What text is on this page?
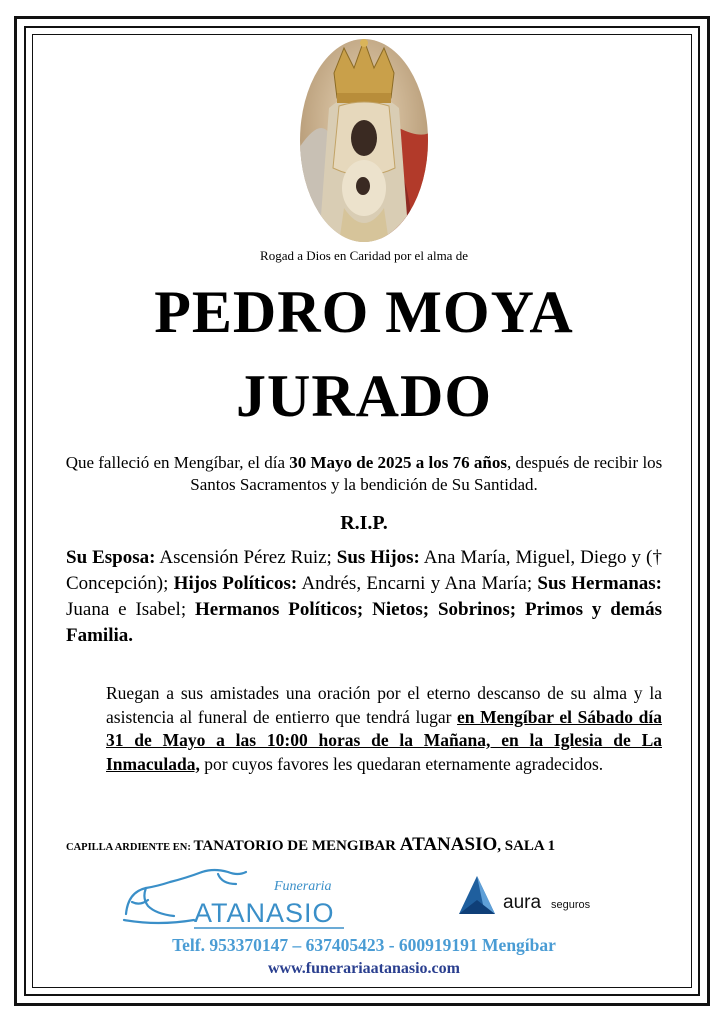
Rogad a Dios en Caridad por el alma de
PEDRO MOYA
JURADO
Que falleció en Mengíbar, el día 30 Mayo de 2025 a los 76 años, después de recibir los Santos Sacramentos y la bendición de Su Santidad.
R.I.P.
Su Esposa: Ascensión Pérez Ruiz; Sus Hijos: Ana María, Miguel, Diego y († Concepción); Hijos Políticos: Andrés, Encarni y Ana María; Sus Hermanas: Juana e Isabel; Hermanos Políticos; Nietos; Sobrinos; Primos y demás Familia.
Ruegan a sus amistades una oración por el eterno descanso de su alma y la asistencia al funeral de entierro que tendrá lugar en Mengíbar el Sábado día 31 de Mayo a las 10:00 horas de la Mañana, en la Iglesia de La Inmaculada, por cuyos favores les quedaran eternamente agradecidos.
CAPILLA ARDIENTE EN: TANATORIO DE MENGIBAR ATANASIO, SALA 1
Funeraria
ATANASIO	aura seguros
Telf. 953370147 – 637405423 - 600919191 Mengíbar
www.funerariaatanasio.com
